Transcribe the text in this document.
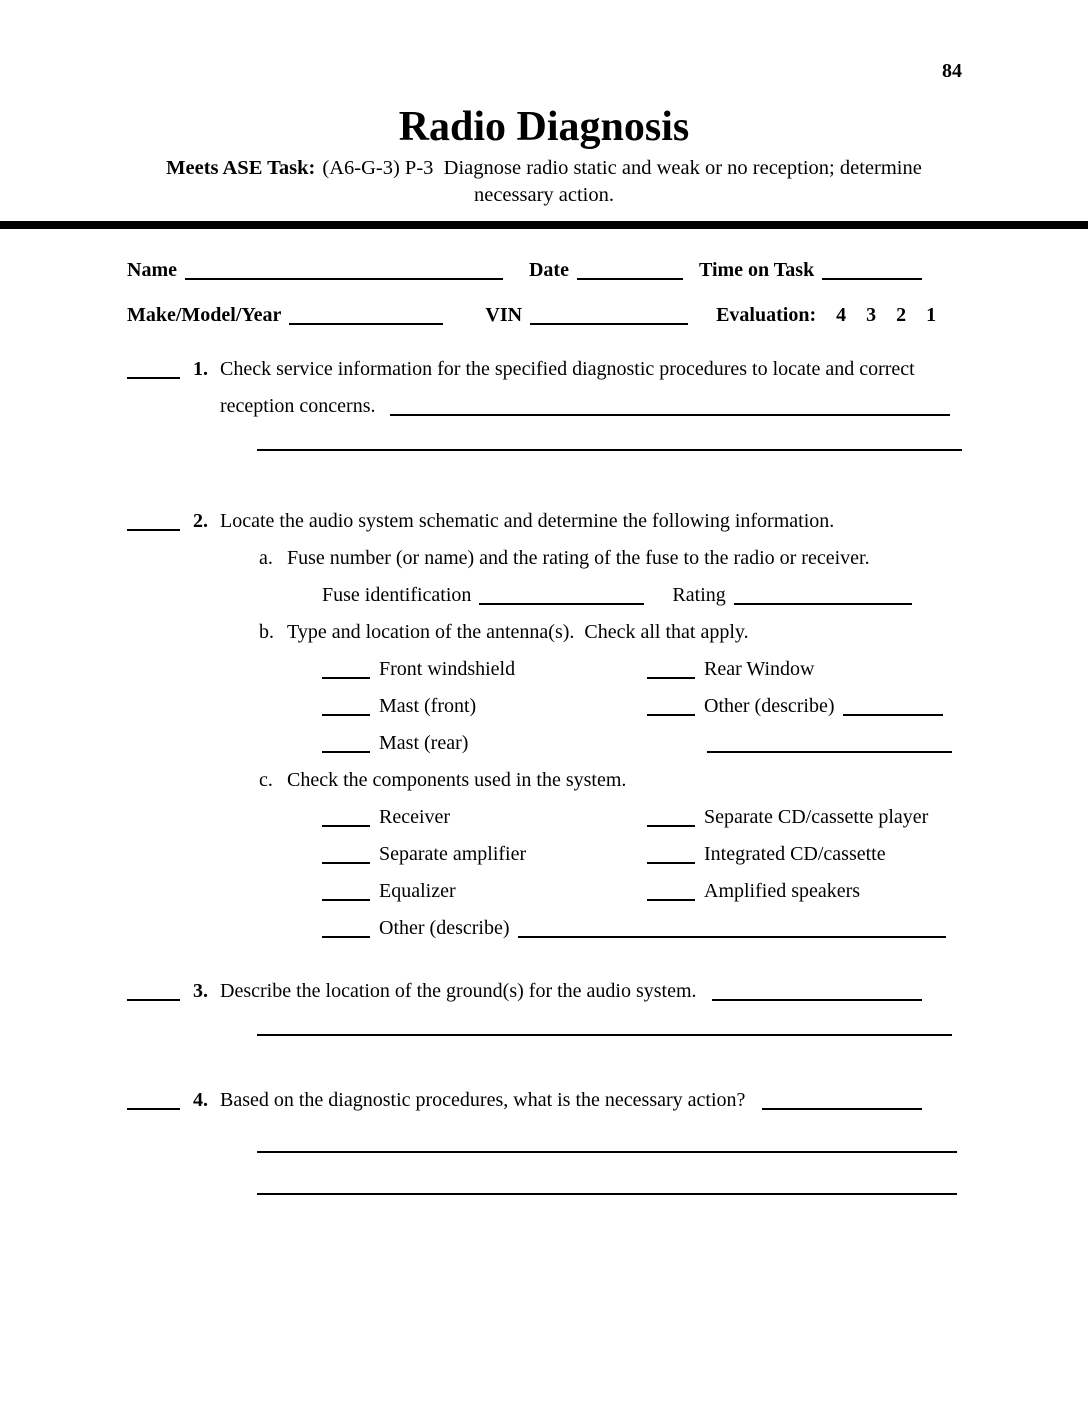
84
Radio Diagnosis
Meets ASE Task: (A6-G-3) P-3  Diagnose radio static and weak or no reception; determine
necessary action.
Name	Date	Time on Task
Make/Model/Year	VIN	Evaluation: 4 3 2 1
1. Check service information for the specified diagnostic procedures to locate and correct
reception concerns.
2. Locate the audio system schematic and determine the following information.
a. Fuse number (or name) and the rating of the fuse to the radio or receiver.
Fuse identification	Rating
b. Type and location of the antenna(s).  Check all that apply.
Front windshield	Rear Window
Mast (front)	Other (describe)
Mast (rear)
c. Check the components used in the system.
Receiver	Separate CD/cassette player
Separate amplifier	Integrated CD/cassette
Equalizer	Amplified speakers
Other (describe)
3. Describe the location of the ground(s) for the audio system.
4. Based on the diagnostic procedures, what is the necessary action?
